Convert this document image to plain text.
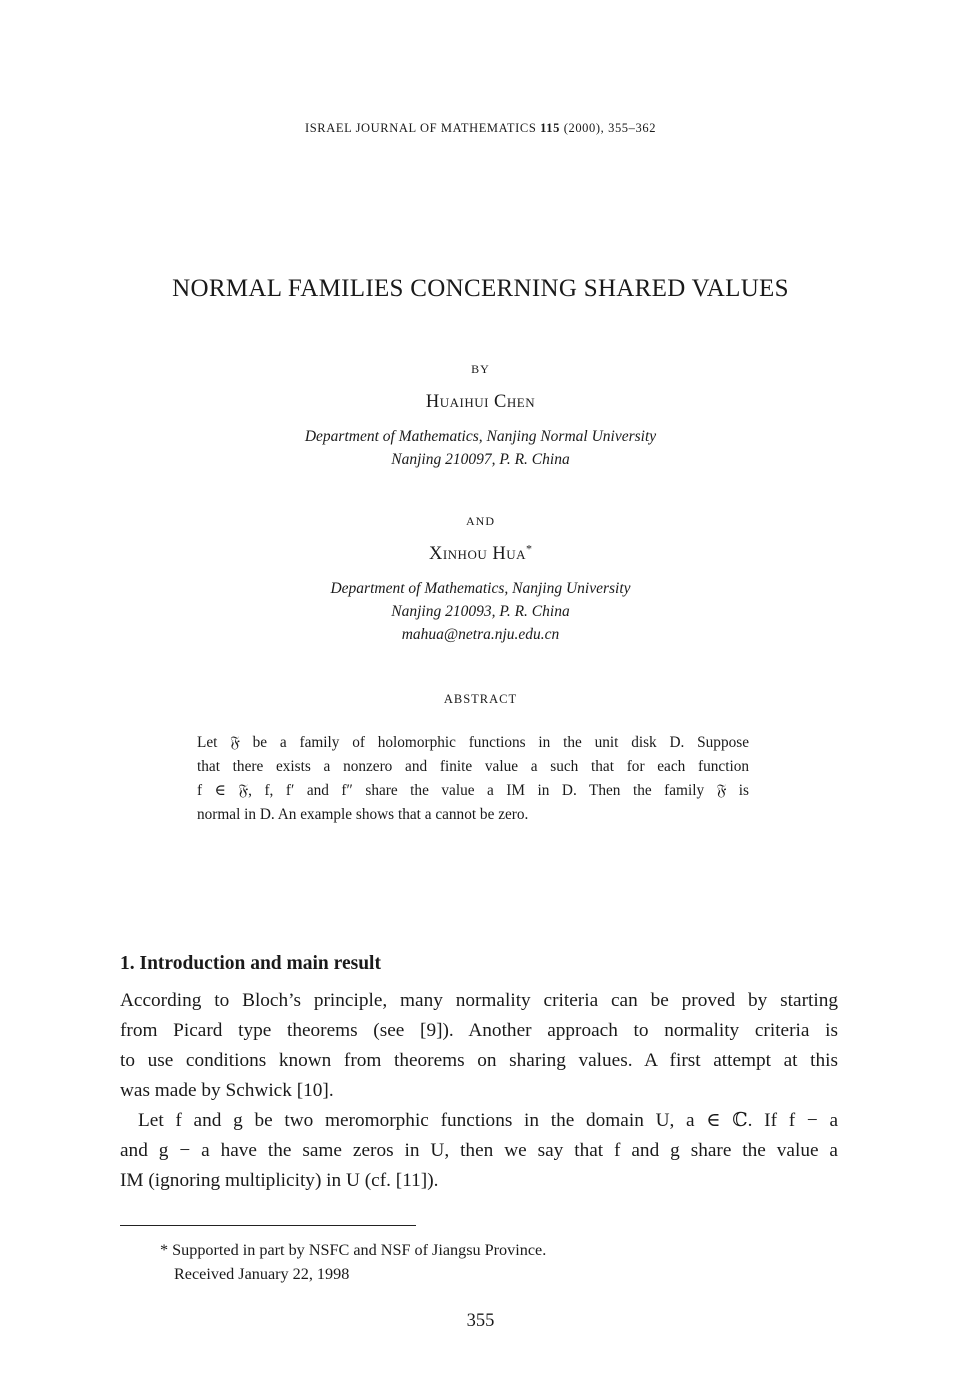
ISRAEL JOURNAL OF MATHEMATICS 115 (2000), 355–362
NORMAL FAMILIES CONCERNING SHARED VALUES
BY
Huaihui Chen
Department of Mathematics, Nanjing Normal University
Nanjing 210097, P. R. China
AND
Xinhou Hua*
Department of Mathematics, Nanjing University
Nanjing 210093, P. R. China
mahua@netra.nju.edu.cn
ABSTRACT
Let 𝔉 be a family of holomorphic functions in the unit disk D. Suppose
that there exists a nonzero and finite value a such that for each function
f ∈ 𝔉, f, f′ and f″ share the value a IM in D. Then the family 𝔉 is
normal in D. An example shows that a cannot be zero.
1. Introduction and main result
According to Bloch’s principle, many normality criteria can be proved by starting
from Picard type theorems (see [9]). Another approach to normality criteria is
to use conditions known from theorems on sharing values. A first attempt at this
was made by Schwick [10].
Let f and g be two meromorphic functions in the domain U, a ∈ ℂ. If f − a
and g − a have the same zeros in U, then we say that f and g share the value a
IM (ignoring multiplicity) in U (cf. [11]).
* Supported in part by NSFC and NSF of Jiangsu Province.
Received January 22, 1998
355
